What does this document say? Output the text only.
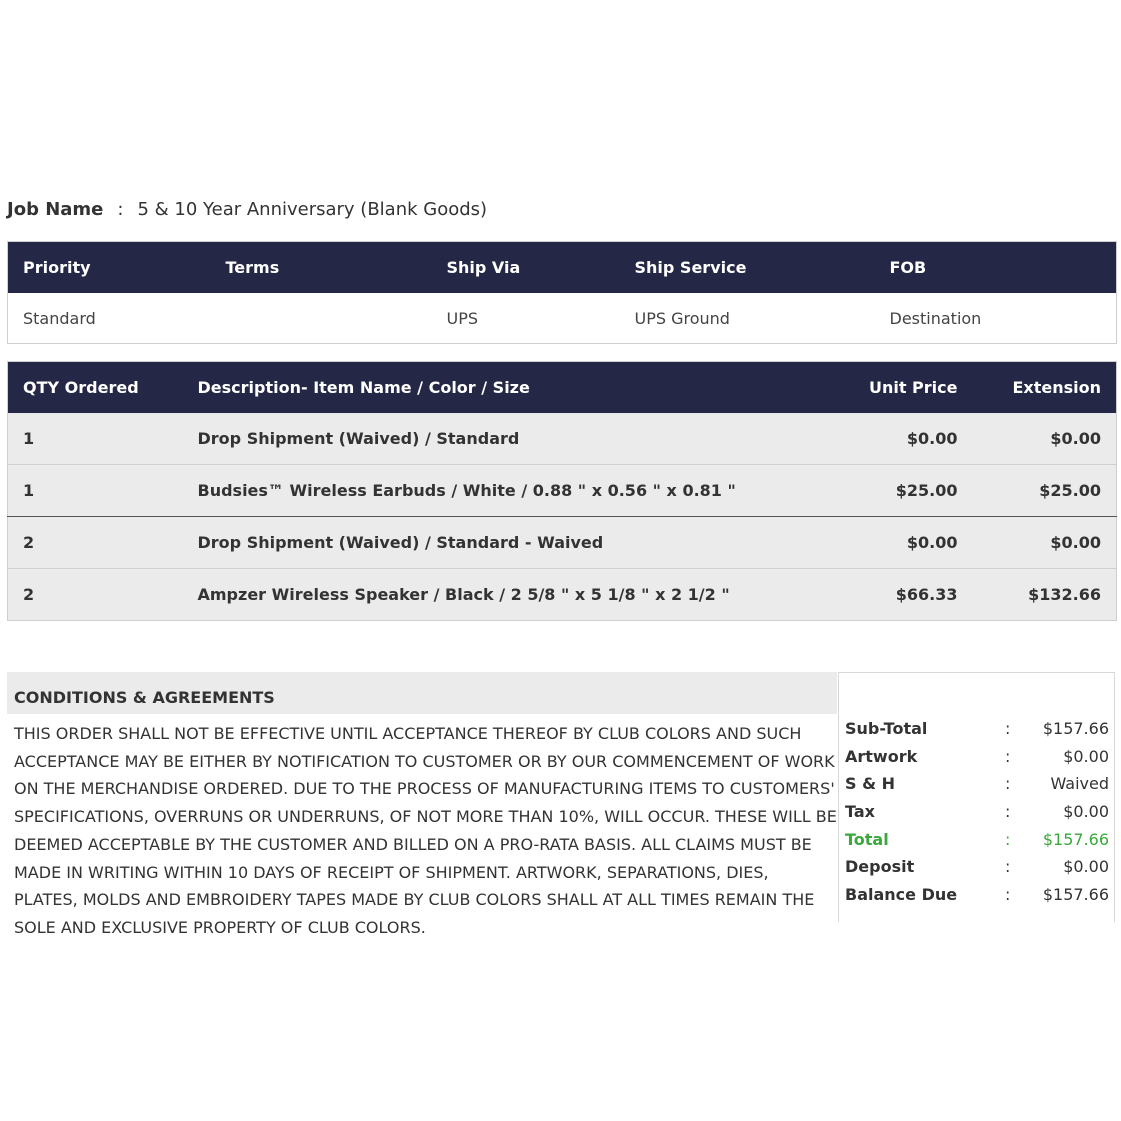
Job Name : 5 & 10 Year Anniversary (Blank Goods)
Priority	Terms	Ship Via	Ship Service	FOB
Standard		UPS	UPS Ground	Destination
QTY Ordered	Description- Item Name / Color / Size	Unit Price	Extension
1	Drop Shipment (Waived) / Standard	$0.00	$0.00
1	Budsies™ Wireless Earbuds / White / 0.88 " x 0.56 " x 0.81 "	$25.00	$25.00
2	Drop Shipment (Waived) / Standard - Waived	$0.00	$0.00
2	Ampzer Wireless Speaker / Black / 2 5/8 " x 5 1/8 " x 2 1/2 "	$66.33	$132.66
CONDITIONS & AGREEMENTS
THIS ORDER SHALL NOT BE EFFECTIVE UNTIL ACCEPTANCE THEREOF BY CLUB COLORS AND SUCH ACCEPTANCE MAY BE EITHER BY NOTIFICATION TO CUSTOMER OR BY OUR COMMENCEMENT OF WORK ON THE MERCHANDISE ORDERED. DUE TO THE PROCESS OF MANUFACTURING ITEMS TO CUSTOMERS' SPECIFICATIONS, OVERRUNS OR UNDERRUNS, OF NOT MORE THAN 10%, WILL OCCUR. THESE WILL BE DEEMED ACCEPTABLE BY THE CUSTOMER AND BILLED ON A PRO-RATA BASIS. ALL CLAIMS MUST BE MADE IN WRITING WITHIN 10 DAYS OF RECEIPT OF SHIPMENT. ARTWORK, SEPARATIONS, DIES, PLATES, MOLDS AND EMBROIDERY TAPES MADE BY CLUB COLORS SHALL AT ALL TIMES REMAIN THE SOLE AND EXCLUSIVE PROPERTY OF CLUB COLORS.
Sub-Total	:	$157.66
Artwork	:	$0.00
S & H	:	Waived
Tax	:	$0.00
Total	:	$157.66
Deposit	:	$0.00
Balance Due	:	$157.66
